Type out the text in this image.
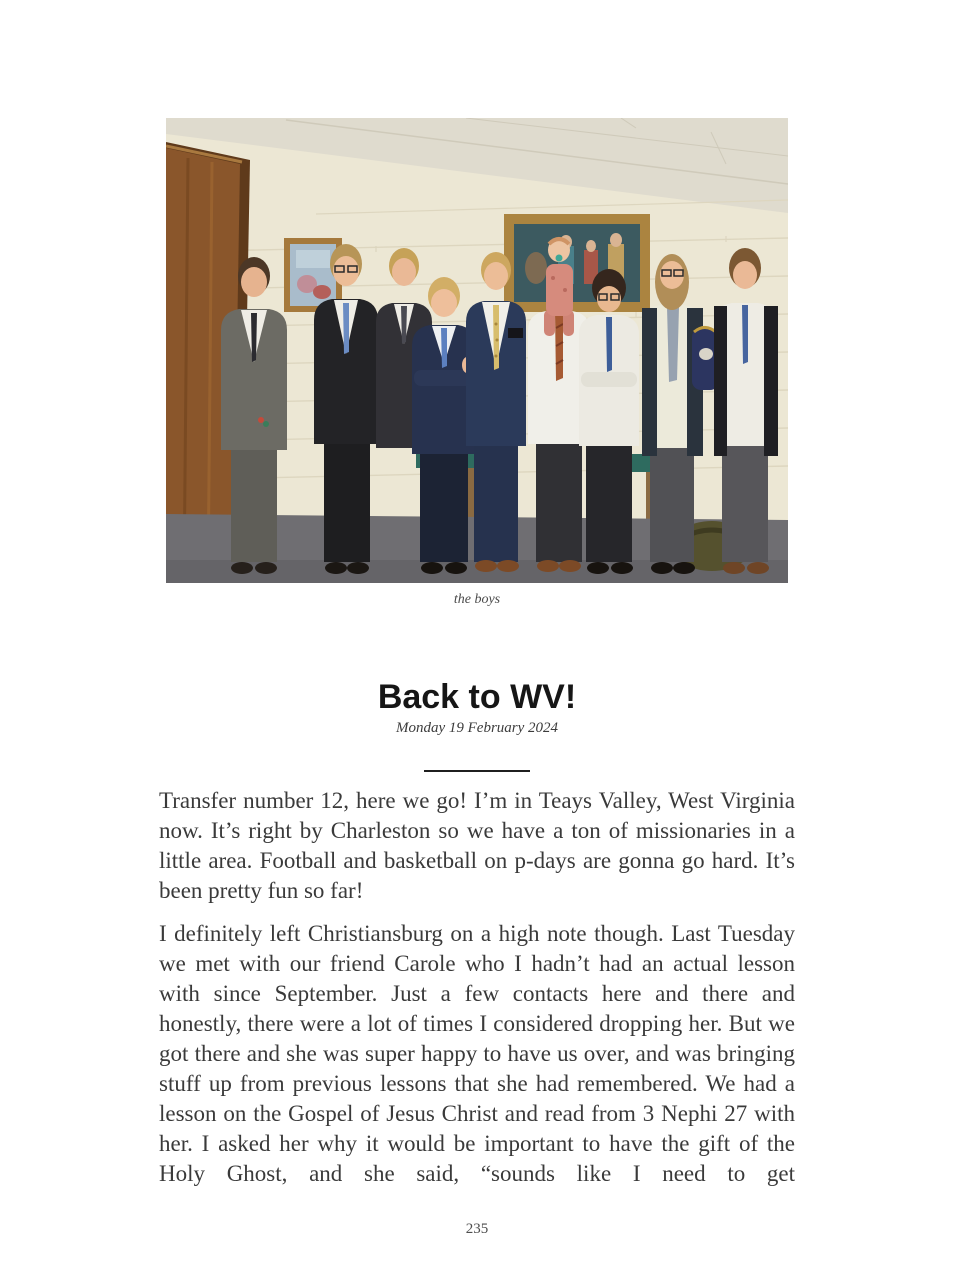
the boys
Back to WV!
Monday 19 February 2024

Transfer number 12, here we go! I’m in Teays Valley, West Virginia now. It’s right by Charleston so we have a ton of missionaries in a little area. Football and basketball on p-days are gonna go hard. It’s been pretty fun so far!

I definitely left Christiansburg on a high note though. Last Tuesday we met with our friend Carole who I hadn’t had an actual lesson with since September. Just a few contacts here and there and honestly, there were a lot of times I considered dropping her. But we got there and she was super happy to have us over, and was bringing stuff up from previous lessons that she had remembered. We had a lesson on the Gospel of Jesus Christ and read from 3 Nephi 27 with her. I asked her why it would be important to have the gift of the Holy Ghost, and she said, “sounds like I need to get

235
